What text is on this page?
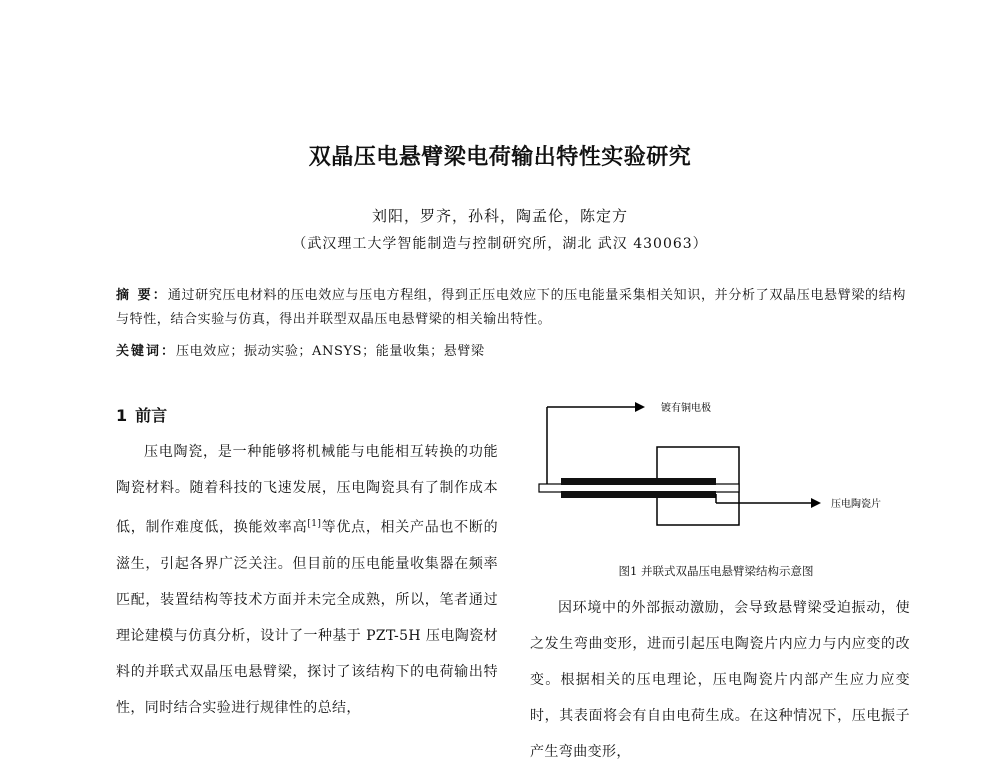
双晶压电悬臂梁电荷输出特性实验研究
刘阳，罗齐，孙科，陶孟伦，陈定方
（武汉理工大学智能制造与控制研究所，湖北 武汉 430063）
摘 要：通过研究压电材料的压电效应与压电方程组，得到正压电效应下的压电能量采集相关知识，并分析了双晶压电悬臂梁的结构与特性，结合实验与仿真，得出并联型双晶压电悬臂梁的相关输出特性。
关键词：压电效应；振动实验；ANSYS；能量收集；悬臂梁
1 前言

压电陶瓷，是一种能够将机械能与电能相互转换的功能陶瓷材料。随着科技的飞速发展，压电陶瓷具有了制作成本低，制作难度低，换能效率高[1]等优点，相关产品也不断的滋生，引起各界广泛关注。但目前的压电能量收集器在频率匹配，装置结构等技术方面并未完全成熟，所以，笔者通过理论建模与仿真分析，设计了一种基于 PZT-5H 压电陶瓷材料的并联式双晶压电悬臂梁，探讨了该结构下的电荷输出特性，同时结合实验进行规律性的总结，

镀有铜电极
压电陶瓷片
图1 并联式双晶压电悬臂梁结构示意图

因环境中的外部振动激励，会导致悬臂梁受迫振动，使之发生弯曲变形，进而引起压电陶瓷片内应力与内应变的改变。根据相关的压电理论，压电陶瓷片内部产生应力应变时，其表面将会有自由电荷生成。在这种情况下，压电振子产生弯曲变形，
